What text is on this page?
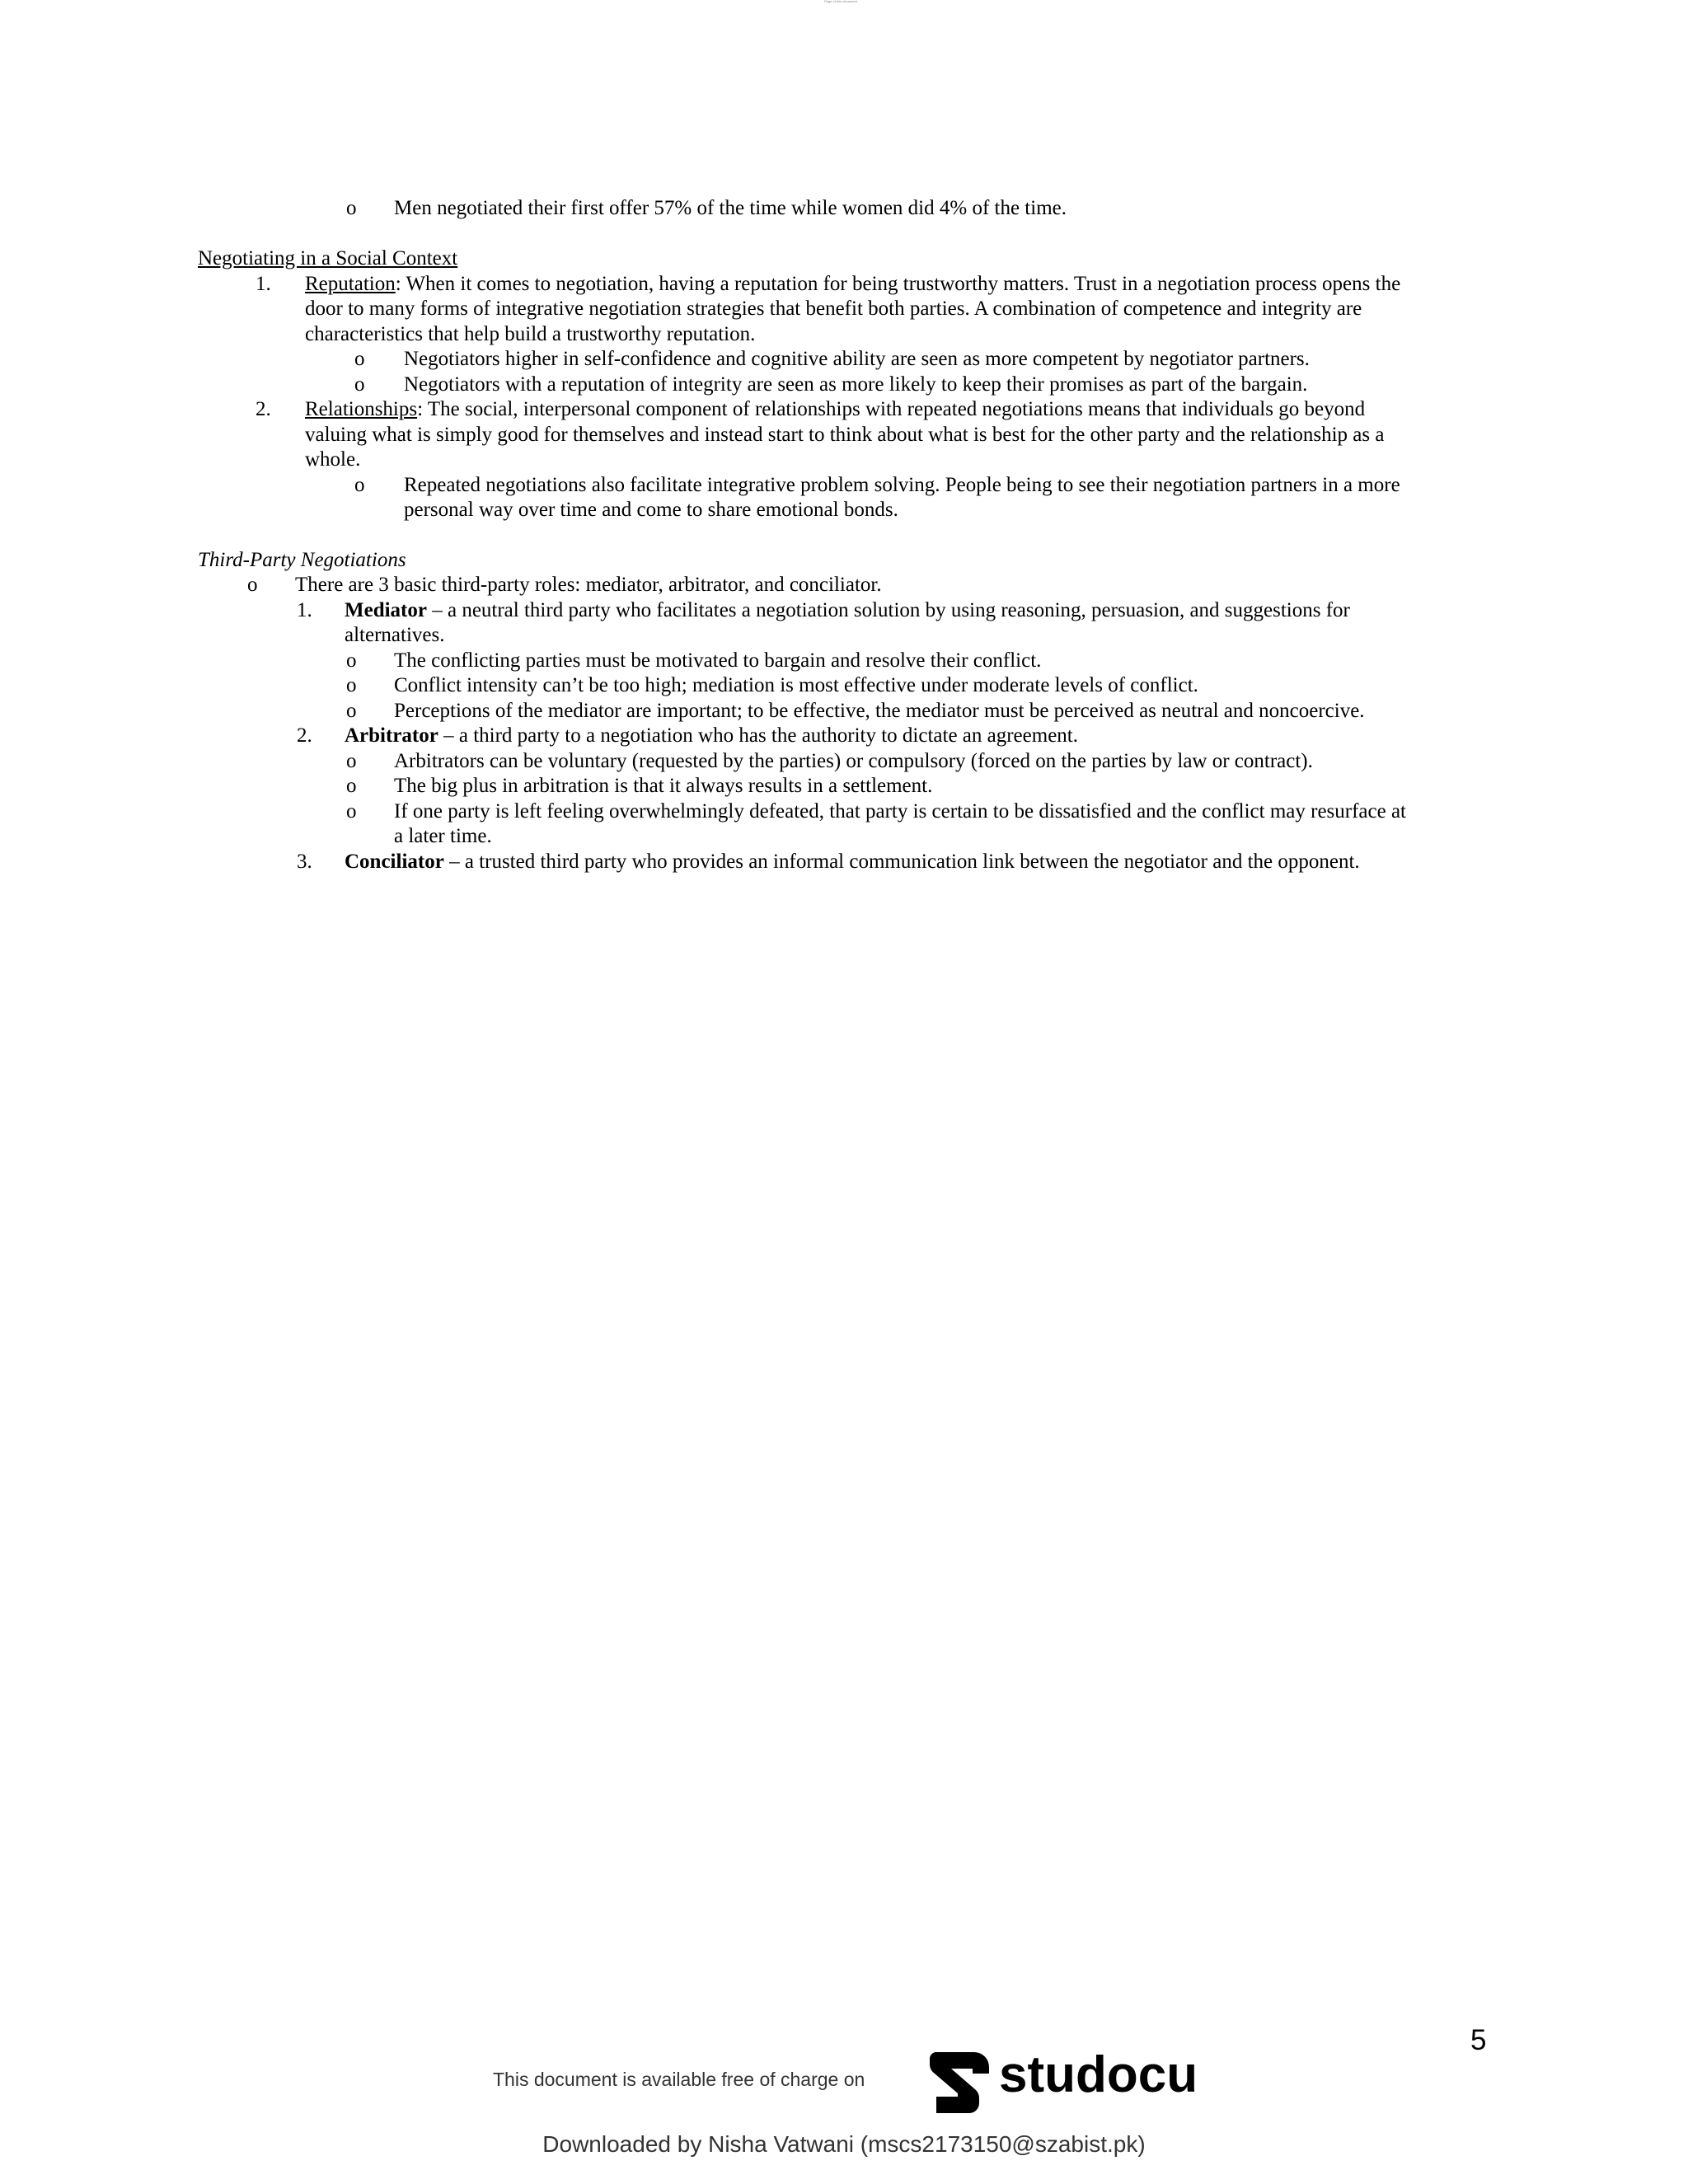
Page of this document
o Men negotiated their first offer 57% of the time while women did 4% of the time.
Negotiating in a Social Context
1. Reputation: When it comes to negotiation, having a reputation for being trustworthy matters. Trust in a negotiation process opens the
door to many forms of integrative negotiation strategies that benefit both parties. A combination of competence and integrity are
characteristics that help build a trustworthy reputation.
o Negotiators higher in self-confidence and cognitive ability are seen as more competent by negotiator partners.
o Negotiators with a reputation of integrity are seen as more likely to keep their promises as part of the bargain.
2. Relationships: The social, interpersonal component of relationships with repeated negotiations means that individuals go beyond
valuing what is simply good for themselves and instead start to think about what is best for the other party and the relationship as a
whole.
o Repeated negotiations also facilitate integrative problem solving. People being to see their negotiation partners in a more
personal way over time and come to share emotional bonds.
Third-Party Negotiations
o There are 3 basic third-party roles: mediator, arbitrator, and conciliator.
1. Mediator – a neutral third party who facilitates a negotiation solution by using reasoning, persuasion, and suggestions for
alternatives.
o The conflicting parties must be motivated to bargain and resolve their conflict.
o Conflict intensity can’t be too high; mediation is most effective under moderate levels of conflict.
o Perceptions of the mediator are important; to be effective, the mediator must be perceived as neutral and noncoercive.
2. Arbitrator – a third party to a negotiation who has the authority to dictate an agreement.
o Arbitrators can be voluntary (requested by the parties) or compulsory (forced on the parties by law or contract).
o The big plus in arbitration is that it always results in a settlement.
o If one party is left feeling overwhelmingly defeated, that party is certain to be dissatisfied and the conflict may resurface at
a later time.
3. Conciliator – a trusted third party who provides an informal communication link between the negotiator and the opponent.
5
This document is available free of charge on	studocu
Downloaded by Nisha Vatwani (mscs2173150@szabist.pk)
